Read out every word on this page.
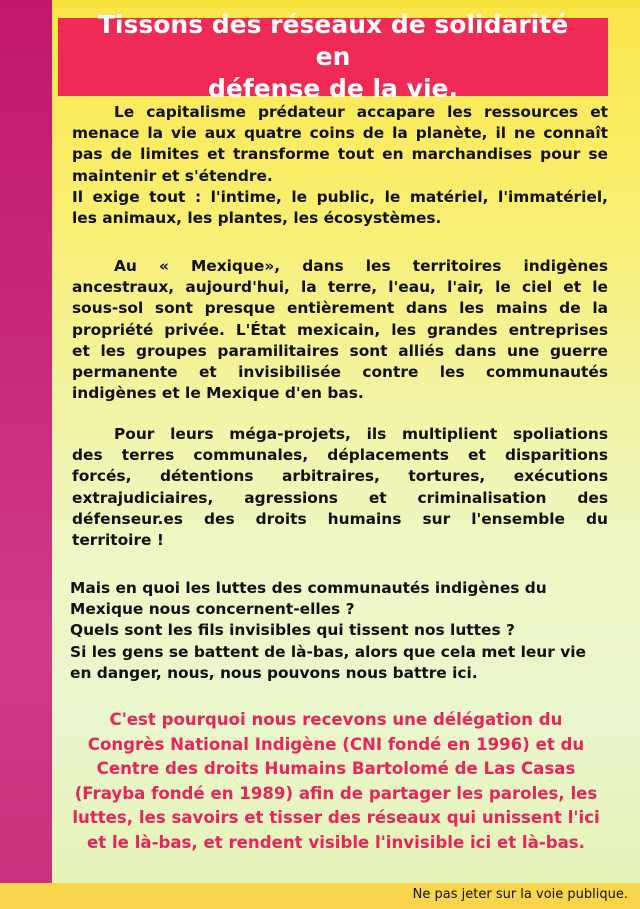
Tissons des réseaux de solidarité en
défense de la vie.
Le capitalisme prédateur accapare les ressources et
menace la vie aux quatre coins de la planète, il ne connaît
pas de limites et transforme tout en marchandises pour se
maintenir et s'étendre.
Il exige tout : l'intime, le public, le matériel, l'immatériel,
les animaux, les plantes, les écosystèmes.
Au « Mexique», dans les territoires indigènes
ancestraux, aujourd'hui, la terre, l'eau, l'air, le ciel et le
sous-sol sont presque entièrement dans les mains de la
propriété privée. L'État mexicain, les grandes entreprises
et les groupes paramilitaires sont alliés dans une guerre
permanente et invisibilisée contre les communautés
indigènes et le Mexique d'en bas.
Pour leurs méga-projets, ils multiplient spoliations
des terres communales, déplacements et disparitions
forcés, détentions arbitraires, tortures, exécutions
extrajudiciaires, agressions et criminalisation des
défenseur.es des droits humains sur l'ensemble du
territoire !
Mais en quoi les luttes des communautés indigènes du
Mexique nous concernent-elles ?
Quels sont les fils invisibles qui tissent nos luttes ?
Si les gens se battent de là-bas, alors que cela met leur vie
en danger, nous, nous pouvons nous battre ici.
C'est pourquoi nous recevons une délégation du
Congrès National Indigène (CNI fondé en 1996) et du
Centre des droits Humains Bartolomé de Las Casas
(Frayba fondé en 1989) afin de partager les paroles, les
luttes, les savoirs et tisser des réseaux qui unissent l'ici
et le là-bas, et rendent visible l'invisible ici et là-bas.
Ne pas jeter sur la voie publique.
